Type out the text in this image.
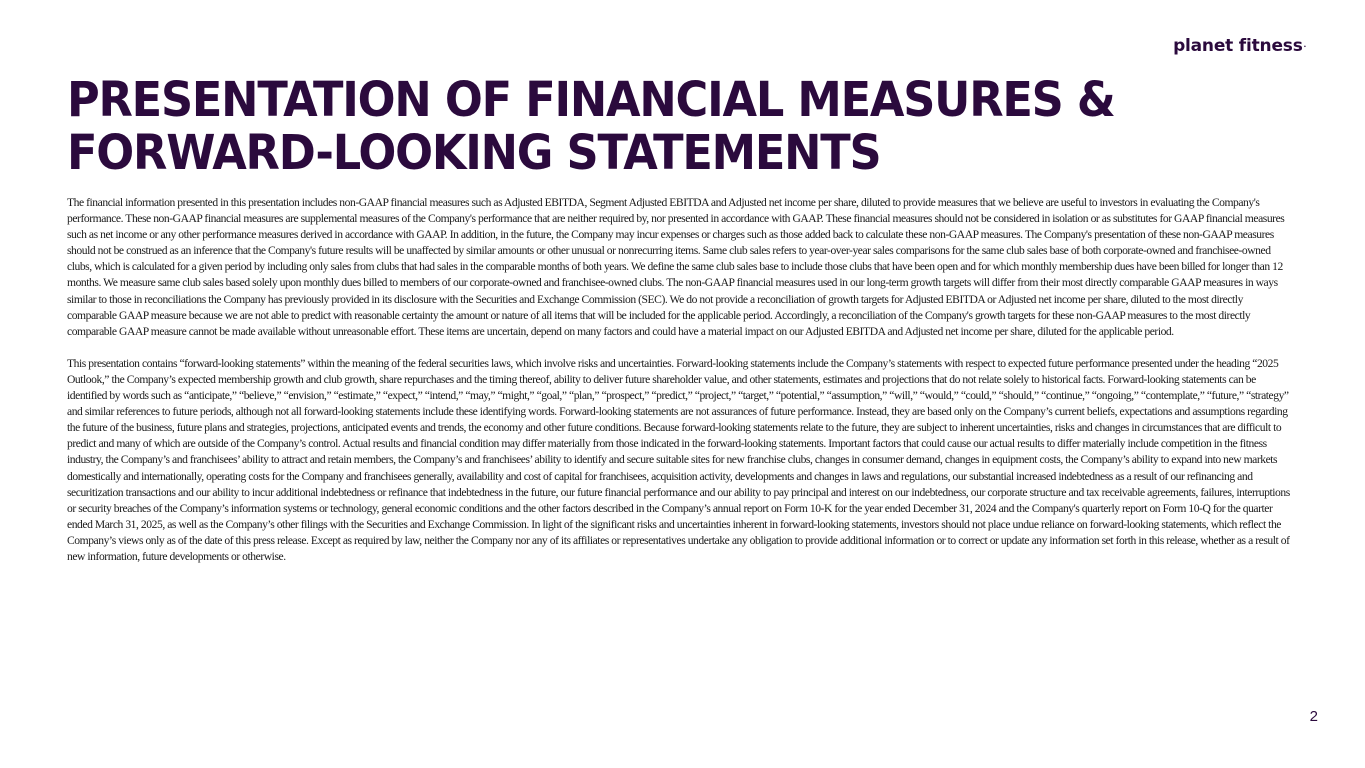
planet fitness•
PRESENTATION OF FINANCIAL MEASURES & FORWARD-LOOKING STATEMENTS

The financial information presented in this presentation includes non-GAAP financial measures such as Adjusted EBITDA, Segment Adjusted EBITDA and Adjusted net income per share, diluted to provide measures that we believe are useful to investors in evaluating the Company's performance. These non-GAAP financial measures are supplemental measures of the Company's performance that are neither required by, nor presented in accordance with GAAP. These financial measures should not be considered in isolation or as substitutes for GAAP financial measures such as net income or any other performance measures derived in accordance with GAAP. In addition, in the future, the Company may incur expenses or charges such as those added back to calculate these non-GAAP measures. The Company's presentation of these non-GAAP measures should not be construed as an inference that the Company's future results will be unaffected by similar amounts or other unusual or nonrecurring items. Same club sales refers to year-over-year sales comparisons for the same club sales base of both corporate-owned and franchisee-owned clubs, which is calculated for a given period by including only sales from clubs that had sales in the comparable months of both years. We define the same club sales base to include those clubs that have been open and for which monthly membership dues have been billed for longer than 12 months. We measure same club sales based solely upon monthly dues billed to members of our corporate-owned and franchisee-owned clubs. The non-GAAP financial measures used in our long-term growth targets will differ from their most directly comparable GAAP measures in ways similar to those in reconciliations the Company has previously provided in its disclosure with the Securities and Exchange Commission (SEC). We do not provide a reconciliation of growth targets for Adjusted EBITDA or Adjusted net income per share, diluted to the most directly comparable GAAP measure because we are not able to predict with reasonable certainty the amount or nature of all items that will be included for the applicable period. Accordingly, a reconciliation of the Company's growth targets for these non-GAAP measures to the most directly comparable GAAP measure cannot be made available without unreasonable effort. These items are uncertain, depend on many factors and could have a material impact on our Adjusted EBITDA and Adjusted net income per share, diluted for the applicable period.

This presentation contains “forward-looking statements” within the meaning of the federal securities laws, which involve risks and uncertainties. Forward-looking statements include the Company’s statements with respect to expected future performance presented under the heading “2025 Outlook,” the Company’s expected membership growth and club growth, share repurchases and the timing thereof, ability to deliver future shareholder value, and other statements, estimates and projections that do not relate solely to historical facts. Forward-looking statements can be identified by words such as “anticipate,” “believe,” “envision,” “estimate,” “expect,” “intend,” “may,” “might,” “goal,” “plan,” “prospect,” “predict,” “project,” “target,” “potential,” “assumption,” “will,” “would,” “could,” “should,” “continue,” “ongoing,” “contemplate,” “future,” “strategy” and similar references to future periods, although not all forward-looking statements include these identifying words. Forward-looking statements are not assurances of future performance. Instead, they are based only on the Company’s current beliefs, expectations and assumptions regarding the future of the business, future plans and strategies, projections, anticipated events and trends, the economy and other future conditions. Because forward-looking statements relate to the future, they are subject to inherent uncertainties, risks and changes in circumstances that are difficult to predict and many of which are outside of the Company’s control. Actual results and financial condition may differ materially from those indicated in the forward-looking statements. Important factors that could cause our actual results to differ materially include competition in the fitness industry, the Company’s and franchisees’ ability to attract and retain members, the Company’s and franchisees’ ability to identify and secure suitable sites for new franchise clubs, changes in consumer demand, changes in equipment costs, the Company’s ability to expand into new markets domestically and internationally, operating costs for the Company and franchisees generally, availability and cost of capital for franchisees, acquisition activity, developments and changes in laws and regulations, our substantial increased indebtedness as a result of our refinancing and securitization transactions and our ability to incur additional indebtedness or refinance that indebtedness in the future, our future financial performance and our ability to pay principal and interest on our indebtedness, our corporate structure and tax receivable agreements, failures, interruptions or security breaches of the Company’s information systems or technology, general economic conditions and the other factors described in the Company’s annual report on Form 10-K for the year ended December 31, 2024 and the Company's quarterly report on Form 10-Q for the quarter ended March 31, 2025, as well as the Company’s other filings with the Securities and Exchange Commission. In light of the significant risks and uncertainties inherent in forward-looking statements, investors should not place undue reliance on forward-looking statements, which reflect the Company’s views only as of the date of this press release. Except as required by law, neither the Company nor any of its affiliates or representatives undertake any obligation to provide additional information or to correct or update any information set forth in this release, whether as a result of new information, future developments or otherwise.

2
